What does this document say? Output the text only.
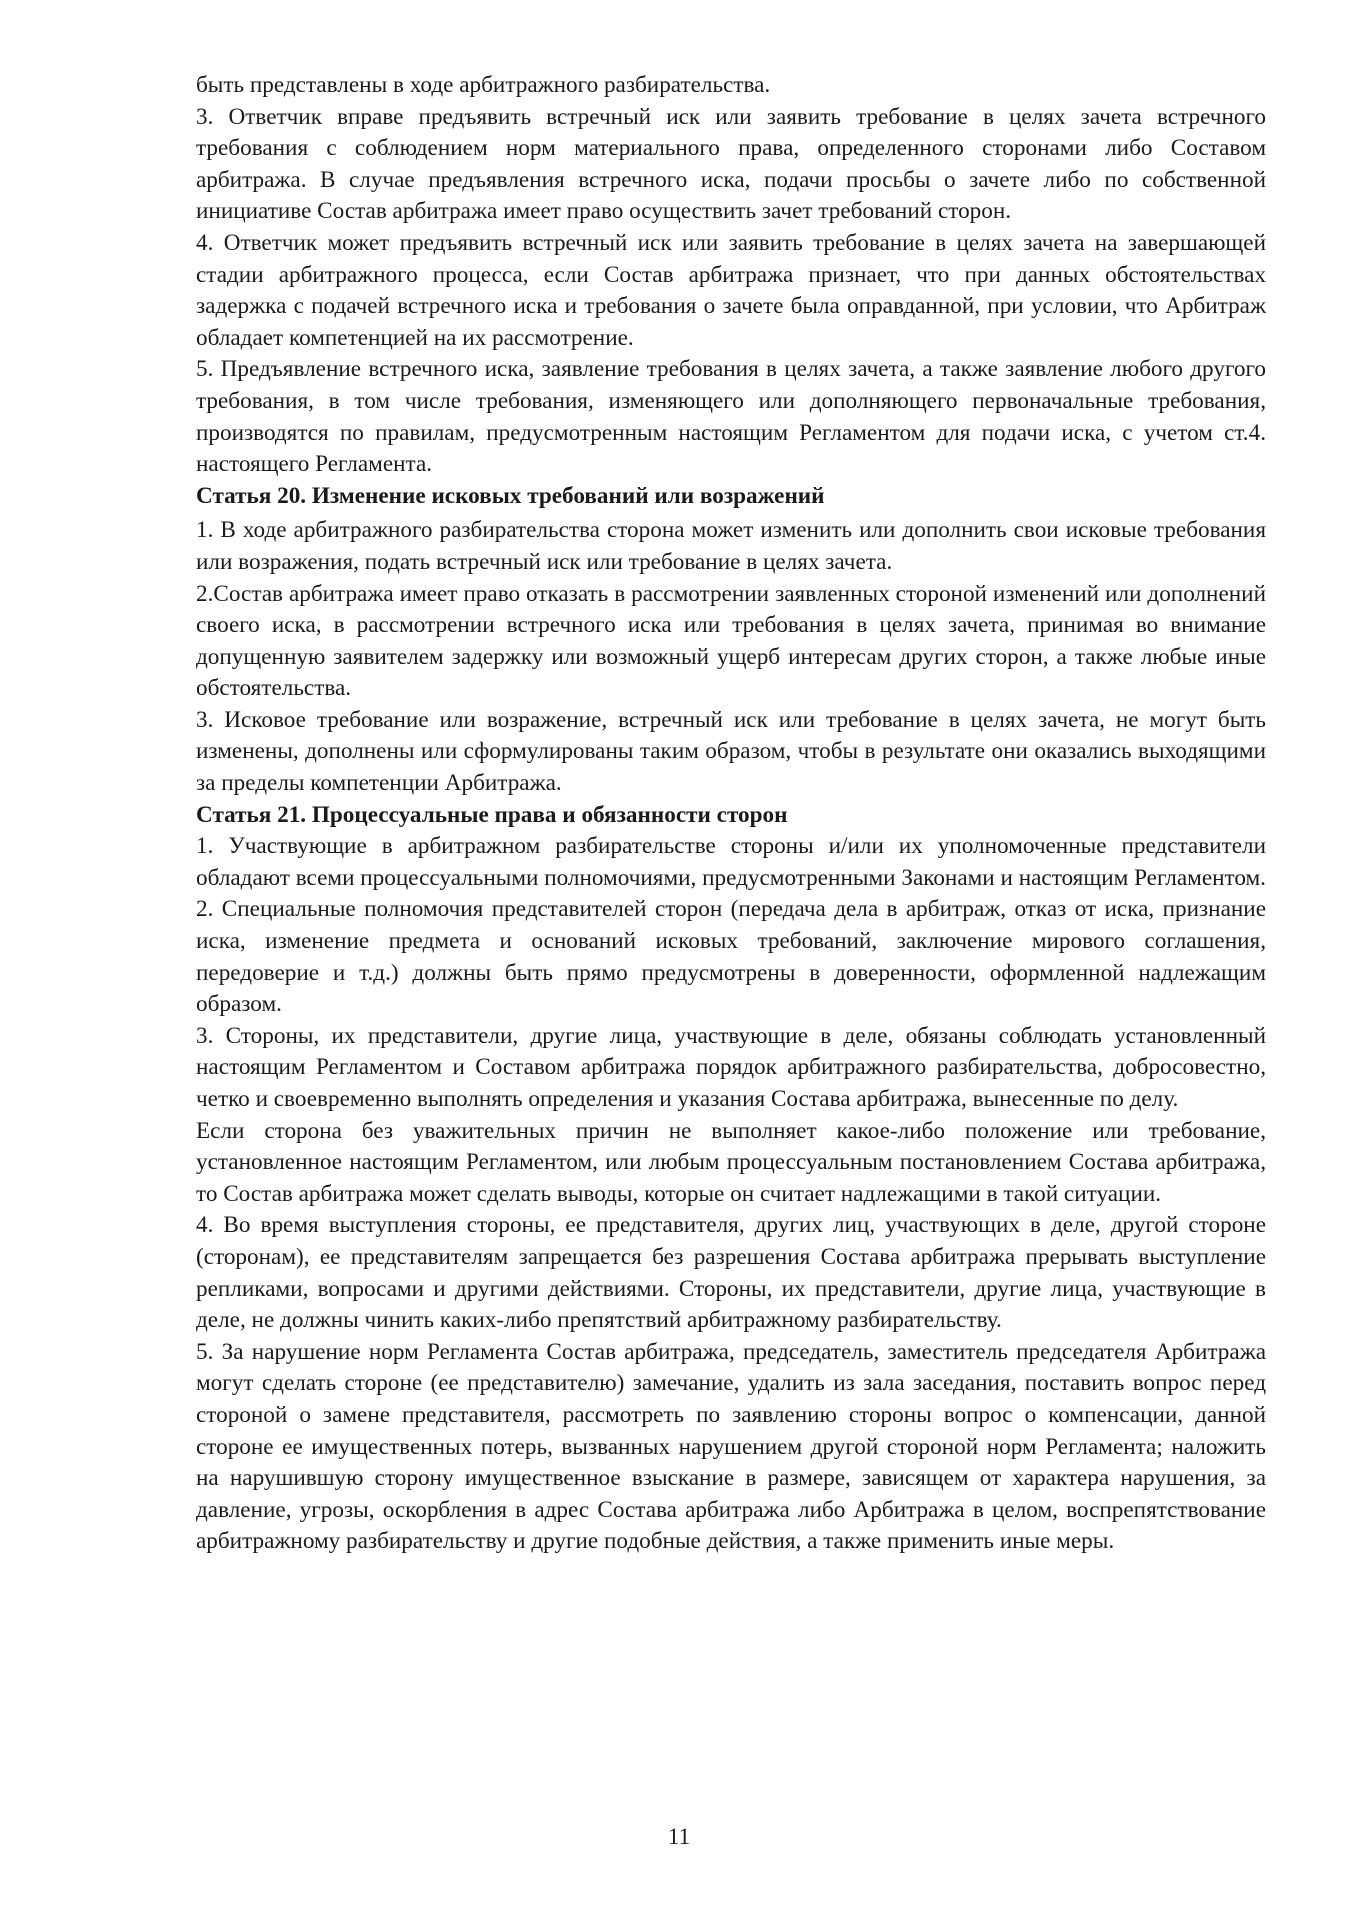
быть представлены в ходе арбитражного разбирательства.

3. Ответчик вправе предъявить встречный иск или заявить требование в целях зачета встречного требования с соблюдением норм материального права, определенного сторонами либо Составом арбитража. В случае предъявления встречного иска, подачи просьбы о зачете либо по собственной инициативе Состав арбитража имеет право осуществить зачет требований сторон.

4. Ответчик может предъявить встречный иск или заявить требование в целях зачета на завершающей стадии арбитражного процесса, если Состав арбитража признает, что при данных обстоятельствах задержка с подачей встречного иска и требования о зачете была оправданной, при условии, что Арбитраж обладает компетенцией на их рассмотрение.

5. Предъявление встречного иска, заявление требования в целях зачета, а также заявление любого другого требования, в том числе требования, изменяющего или дополняющего первоначальные требования, производятся по правилам, предусмотренным настоящим Регламентом для подачи иска, с учетом ст.4. настоящего Регламента.

Статья 20. Изменение исковых требований или возражений

1. В ходе арбитражного разбирательства сторона может изменить или дополнить свои исковые требования или возражения, подать встречный иск или требование в целях зачета.

2.Состав арбитража имеет право отказать в рассмотрении заявленных стороной изменений или дополнений своего иска, в рассмотрении встречного иска или требования в целях зачета, принимая во внимание допущенную заявителем задержку или возможный ущерб интересам других сторон, а также любые иные обстоятельства.

3. Исковое требование или возражение, встречный иск или требование в целях зачета, не могут быть изменены, дополнены или сформулированы таким образом, чтобы в результате они оказались выходящими за пределы компетенции Арбитража.

Статья 21. Процессуальные права и обязанности сторон

1. Участвующие в арбитражном разбирательстве стороны и/или их уполномоченные представители обладают всеми процессуальными полномочиями, предусмотренными Законами и настоящим Регламентом.

2. Специальные полномочия представителей сторон (передача дела в арбитраж, отказ от иска, признание иска, изменение предмета и оснований исковых требований, заключение мирового соглашения, передоверие и т.д.) должны быть прямо предусмотрены в доверенности, оформленной надлежащим образом.

3. Стороны, их представители, другие лица, участвующие в деле, обязаны соблюдать установленный настоящим Регламентом и Составом арбитража порядок арбитражного разбирательства, добросовестно, четко и своевременно выполнять определения и указания Состава арбитража, вынесенные по делу.

Если сторона без уважительных причин не выполняет какое-либо положение или требование, установленное настоящим Регламентом, или любым процессуальным постановлением Состава арбитража, то Состав арбитража может сделать выводы, которые он считает надлежащими в такой ситуации.

4. Во время выступления стороны, ее представителя, других лиц, участвующих в деле, другой стороне (сторонам), ее представителям запрещается без разрешения Состава арбитража прерывать выступление репликами, вопросами и другими действиями. Стороны, их представители, другие лица, участвующие в деле, не должны чинить каких-либо препятствий арбитражному разбирательству.

5. За нарушение норм Регламента Состав арбитража, председатель, заместитель председателя Арбитража могут сделать стороне (ее представителю) замечание, удалить из зала заседания, поставить вопрос перед стороной о замене представителя, рассмотреть по заявлению стороны вопрос о компенсации, данной стороне ее имущественных потерь, вызванных нарушением другой стороной норм Регламента; наложить на нарушившую сторону имущественное взыскание в размере, зависящем от характера нарушения, за давление, угрозы, оскорбления в адрес Состава арбитража либо Арбитража в целом, воспрепятствование арбитражному разбирательству и другие подобные действия, а также применить иные меры.

11
